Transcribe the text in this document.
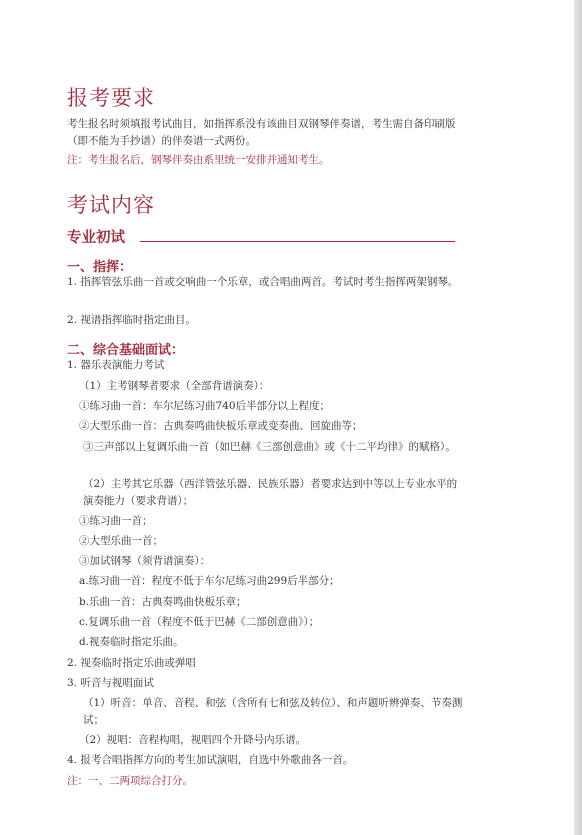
报考要求
考生报名时须填报考试曲目，如指挥系没有该曲目双钢琴伴奏谱，考生需自备印刷版（即不能为手抄谱）的伴奏谱一式两份。
注：考生报名后，钢琴伴奏由系里统一安排并通知考生。
考试内容
专业初试
一、指挥：
1. 指挥管弦乐曲一首或交响曲一个乐章，或合唱曲两首。考试时考生指挥两架钢琴。
2. 视谱指挥临时指定曲目。
二、综合基础面试：
1. 器乐表演能力考试
（1）主考钢琴者要求（全部背谱演奏）：
①练习曲一首：车尔尼练习曲740后半部分以上程度；
②大型乐曲一首：古典奏鸣曲快板乐章或变奏曲、回旋曲等；
③三声部以上复调乐曲一首（如巴赫《三部创意曲》或《十二平均律》的赋格）。
（2）主考其它乐器（西洋管弦乐器、民族乐器）者要求达到中等以上专业水平的演奏能力（要求背谱）；
①练习曲一首；
②大型乐曲一首；
③加试钢琴（须背谱演奏）：
a.练习曲一首：程度不低于车尔尼练习曲299后半部分；
b.乐曲一首：古典奏鸣曲快板乐章；
c.复调乐曲一首（程度不低于巴赫《二部创意曲》）；
d.视奏临时指定乐曲。
2. 视奏临时指定乐曲或弹唱
3. 听音与视唱面试
（1）听音：单音、音程、和弦（含所有七和弦及转位）、和声题听辨弹奏、节奏测试；
（2）视唱：音程构唱，视唱四个升降号内乐谱。
4. 报考合唱指挥方向的考生加试演唱，自选中外歌曲各一首。
注：一、二两项综合打分。
